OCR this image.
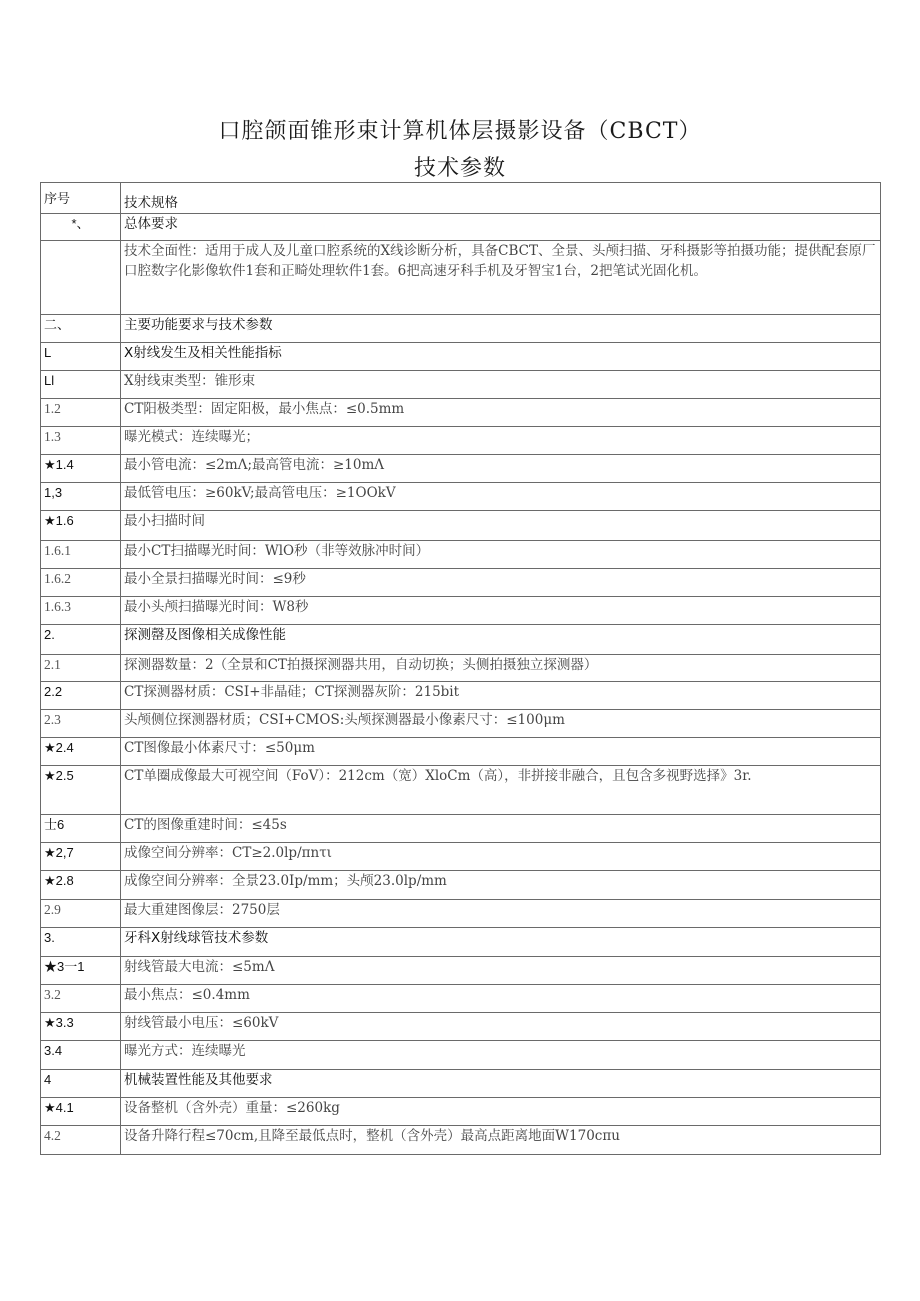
口腔颌面锥形束计算机体层摄影设备（CBCT）
技术参数
序号	技术规格
*、	总体要求
	技术全面性：适用于成人及儿童口腔系统的X线诊断分析，具备CBCT、全景、头颅扫描、牙科摄影等拍摄功能；提供配套原厂口腔数字化影像软件1套和正畸处理软件1套。6把高速牙科手机及牙智宝1台，2把笔试光固化机。
二、	主要功能要求与技术参数
L	X射线发生及相关性能指标
Ll	X射线束类型：锥形束
1.2	CT阳极类型：固定阳极，最小焦点：≤0.5mm
1.3	曝光模式：连续曝光；
★1.4	最小管电流：≤2mΛ;最高管电流：≥10mΛ
1,3	最低管电压：≥60kV;最高管电压：≥1OOkV
★1.6	最小扫描时间
1.6.1	最小CT扫描曝光时间：WlO秒（非等效脉冲时间）
1.6.2	最小全景扫描曝光时间：≤9秒
1.6.3	最小头颅扫描曝光时间：W8秒
2.	探测罄及图像相关成像性能
2.1	探测器数量：2（全景和CT拍摄探测器共用，自动切换；头侧拍摄独立探测器）
2.2	CT探测器材质：CSI+非晶硅；CT探测器灰阶：215bit
2.3	头颅侧位探测器材质；CSI+CMOS:头颅探测器最小像素尺寸：≤100μm
★2.4	CT图像最小体素尺寸：≤50μm
★2.5	CT单圈成像最大可视空间（FoV）：212cm（宽）XloCm（高），非拼接非融合，且包含多视野选择》3r.
士6	CT的图像重建时间：≤45s
★2,7	成像空间分辨率：CT≥2.0lp/πnτι
★2.8	成像空间分辨率：全景23.0Ip/mm；头颅23.0lp/mm
2.9	最大重建图像层：2750层
3.	牙科X射线球管技术参数
★3一1	射线管最大电流：≤5mΛ
3.2	最小焦点：≤0.4mm
★3.3	射线管最小电压：≤60kV
3.4	曝光方式：连续曝光
4	机械装置性能及其他要求
★4.1	设备整机（含外壳）重量：≤260kg
4.2	设备升降行程≤70cm,且降至最低点时，整机（含外壳）最高点距离地面W170cπu
